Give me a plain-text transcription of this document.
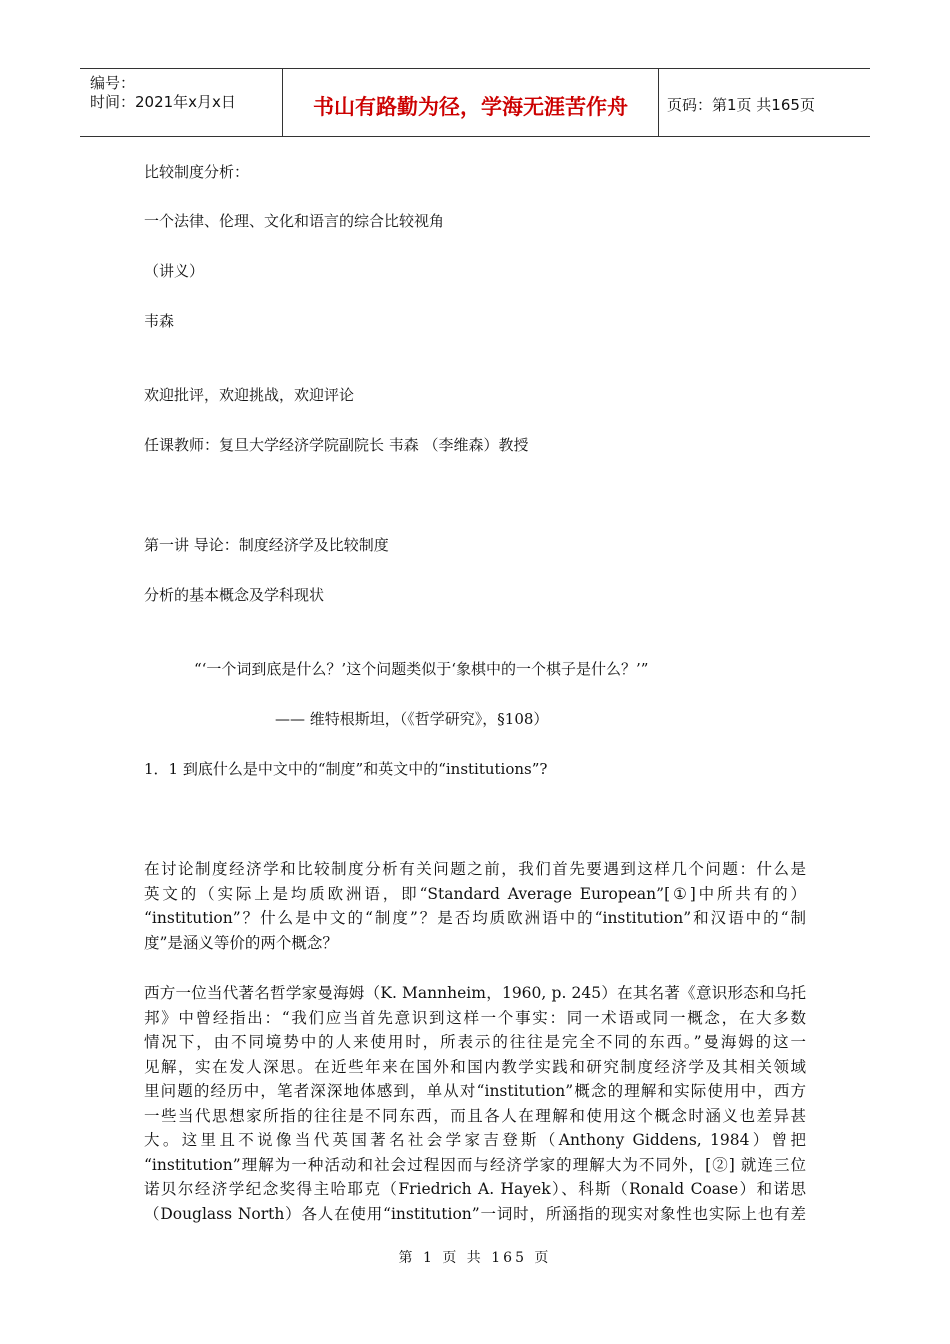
编号：
时间：2021年x月x日	书山有路勤为径，学海无涯苦作舟	页码：第1页 共165页
比较制度分析：
一个法律、伦理、文化和语言的综合比较视角
（讲义）
韦森
欢迎批评，欢迎挑战，欢迎评论
任课教师：复旦大学经济学院副院长 韦森 （李维森）教授
第一讲 导论：制度经济学及比较制度
分析的基本概念及学科现状
“‘一个词到底是什么？’这个问题类似于‘象棋中的一个棋子是什么？’”
—— 维特根斯坦，（《哲学研究》，§108）
1．1 到底什么是中文中的“制度”和英文中的“institutions”?
在讨论制度经济学和比较制度分析有关问题之前，我们首先要遇到这样几个问题：什么是
英文的（实际上是均质欧洲语，即“Standard Average European”[①]中所共有的）
“institution”？什么是中文的“制度”？是否均质欧洲语中的“institution”和汉语中的“制
度”是涵义等价的两个概念？
西方一位当代著名哲学家曼海姆（K. Mannheim，1960, p. 245）在其名著《意识形态和乌托
邦》中曾经指出：“我们应当首先意识到这样一个事实：同一术语或同一概念，在大多数
情况下，由不同境势中的人来使用时，所表示的往往是完全不同的东西。”曼海姆的这一
见解，实在发人深思。在近些年来在国外和国内教学实践和研究制度经济学及其相关领域
里问题的经历中，笔者深深地体感到，单从对“institution”概念的理解和实际使用中，西方
一些当代思想家所指的往往是不同东西，而且各人在理解和使用这个概念时涵义也差异甚
大。这里且不说像当代英国著名社会学家吉登斯（Anthony Giddens, 1984）曾把
“institution”理解为一种活动和社会过程因而与经济学家的理解大为不同外，[②] 就连三位
诺贝尔经济学纪念奖得主哈耶克（Friedrich A. Hayek）、科斯（Ronald Coase）和诺思
（Douglass North）各人在使用“institution”一词时，所涵指的现实对象性也实际上也有差
第 1 页 共 165 页
